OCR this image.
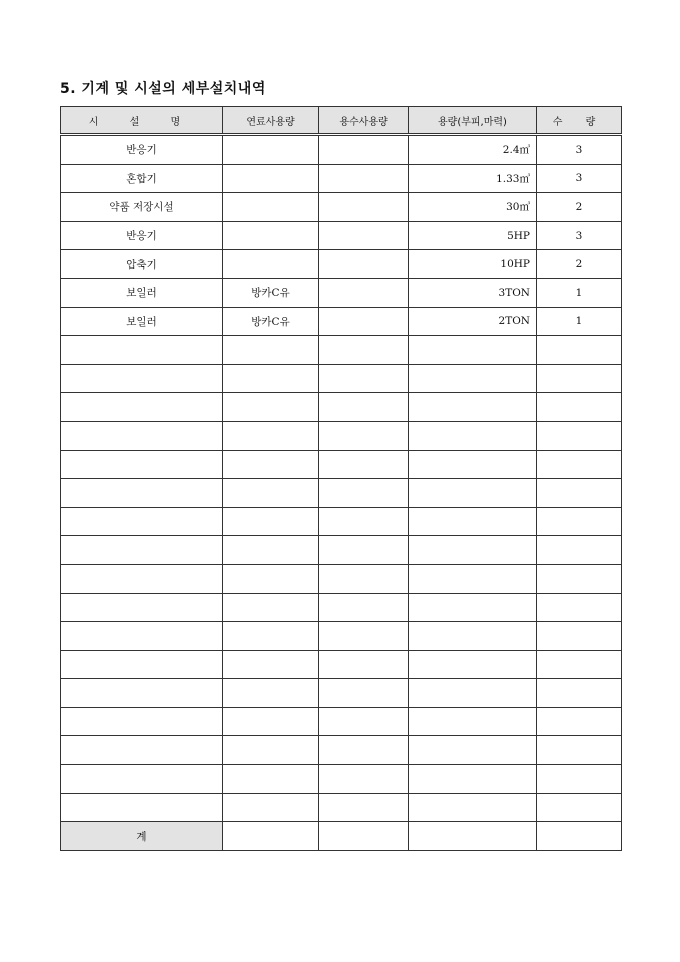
5. 기계 및 시설의 세부설치내역
시 설 명	연료사용량	용수사용량	용량(부피,마력)	수 량
반응기			2.4㎥	3
혼합기			1.33㎥	3
약품 저장시설			30㎥	2
반응기			5HP	3
압축기			10HP	2
보일러	방카C유		3TON	1
보일러	방카C유		2TON	1

계				
